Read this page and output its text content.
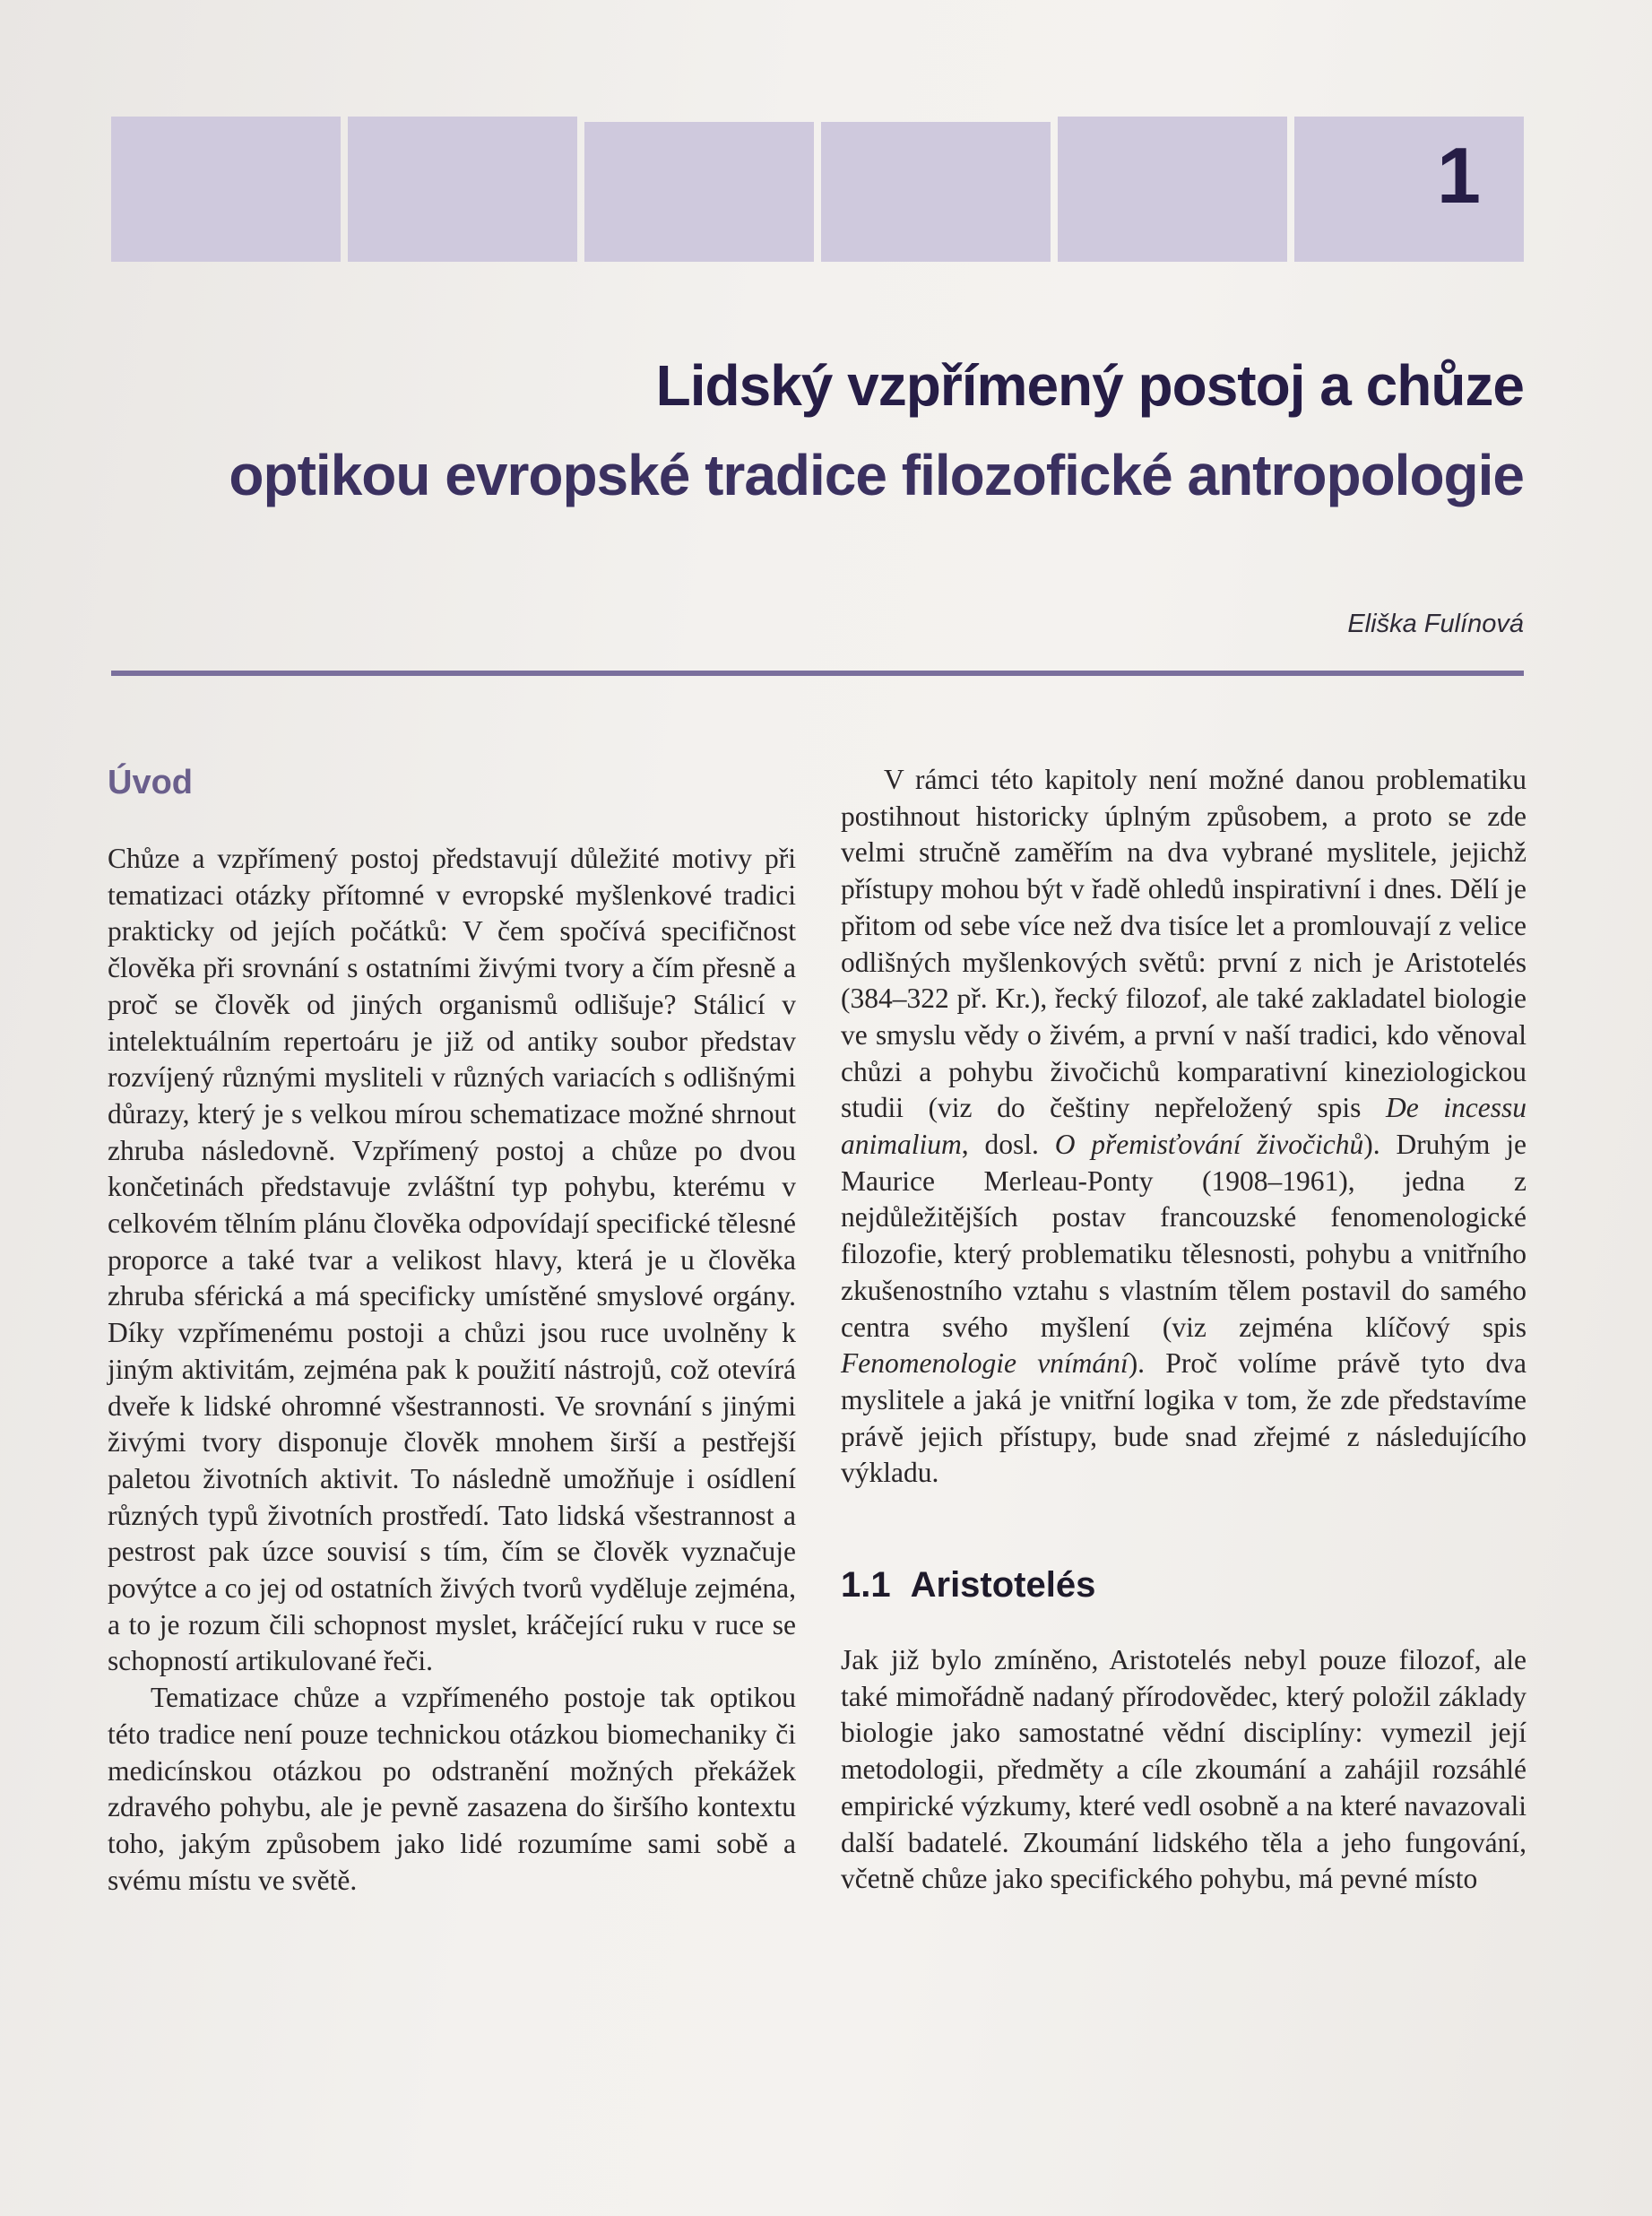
1
Lidský vzpřímený postoj a chůze
optikou evropské tradice filozofické antropologie
Eliška Fulínová
Úvod

Chůze a vzpřímený postoj představují důležité motivy při tematizaci otázky přítomné v evropské myšlenkové tradici prakticky od jejích počátků: V čem spočívá specifičnost člověka při srovnání s ostatními živými tvory a čím přesně a proč se člověk od jiných organismů odlišuje? Stálicí v intelektuálním repertoáru je již od antiky soubor představ rozvíjený různými mysliteli v různých variacích s odlišnými důrazy, který je s velkou mírou schematizace možné shrnout zhruba následovně. Vzpřímený postoj a chůze po dvou končetinách představuje zvláštní typ pohybu, kterému v celkovém tělním plánu člověka odpovídají specifické tělesné proporce a také tvar a velikost hlavy, která je u člověka zhruba sférická a má specificky umístěné smyslové orgány. Díky vzpřímenému postoji a chůzi jsou ruce uvolněny k jiným aktivitám, zejména pak k použití nástrojů, což otevírá dveře k lidské ohromné všestrannosti. Ve srovnání s jinými živými tvory disponuje člověk mnohem širší a pestřejší paletou životních aktivit. To následně umožňuje i osídlení různých typů životních prostředí. Tato lidská všestrannost a pestrost pak úzce souvisí s tím, čím se člověk vyznačuje povýtce a co jej od ostatních živých tvorů vyděluje zejména, a to je rozum čili schopnost myslet, kráčející ruku v ruce se schopností artikulované řeči.

Tematizace chůze a vzpřímeného postoje tak optikou této tradice není pouze technickou otázkou biomechaniky či medicínskou otázkou po odstranění možných překážek zdravého pohybu, ale je pevně zasazena do širšího kontextu toho, jakým způsobem jako lidé rozumíme sami sobě a svému místu ve světě.

V rámci této kapitoly není možné danou problematiku postihnout historicky úplným způsobem, a proto se zde velmi stručně zaměřím na dva vybrané myslitele, jejichž přístupy mohou být v řadě ohledů inspirativní i dnes. Dělí je přitom od sebe více než dva tisíce let a promlouvají z velice odlišných myšlenkových světů: první z nich je Aristotelés (384–322 př. Kr.), řecký filozof, ale také zakladatel biologie ve smyslu vědy o živém, a první v naší tradici, kdo věnoval chůzi a pohybu živočichů komparativní kineziologickou studii (viz do češtiny nepřeložený spis De incessu animalium, dosl. O přemisťování živočichů). Druhým je Maurice Merleau-Ponty (1908–1961), jedna z nejdůležitějších postav francouzské fenomenologické filozofie, který problematiku tělesnosti, pohybu a vnitřního zkušenostního vztahu s vlastním tělem postavil do samého centra svého myšlení (viz zejména klíčový spis Fenomenologie vnímání). Proč volíme právě tyto dva myslitele a jaká je vnitřní logika v tom, že zde představíme právě jejich přístupy, bude snad zřejmé z následujícího výkladu.

1.1 Aristotelés

Jak již bylo zmíněno, Aristotelés nebyl pouze filozof, ale také mimořádně nadaný přírodovědec, který položil základy biologie jako samostatné vědní disciplíny: vymezil její metodologii, předměty a cíle zkoumání a zahájil rozsáhlé empirické výzkumy, které vedl osobně a na které navazovali další badatelé. Zkoumání lidského těla a jeho fungování, včetně chůze jako specifického pohybu, má pevné místo
